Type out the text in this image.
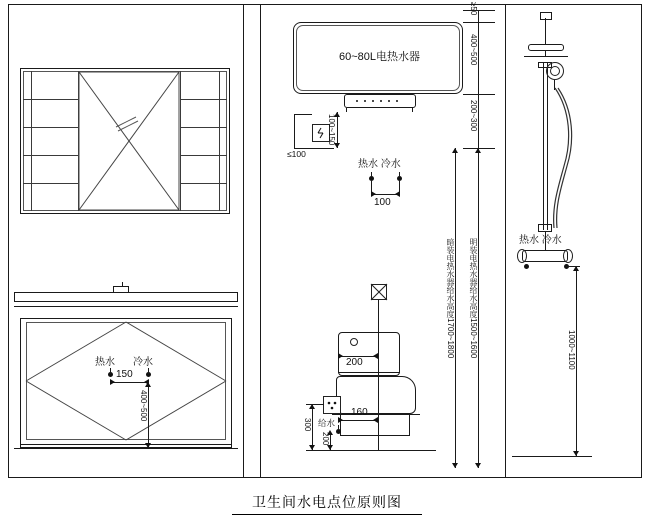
热水 冷水
150
400~500
60~80L电热水器
100~150
≤100
热水 冷水
100
≥50
400~500
200~300
暗装电热水器给水高度1700~1800 明装电热水器给水高度1500~1600
200
给水
160
300
200
热水 冷水
1000~1100
卫生间水电点位原则图
